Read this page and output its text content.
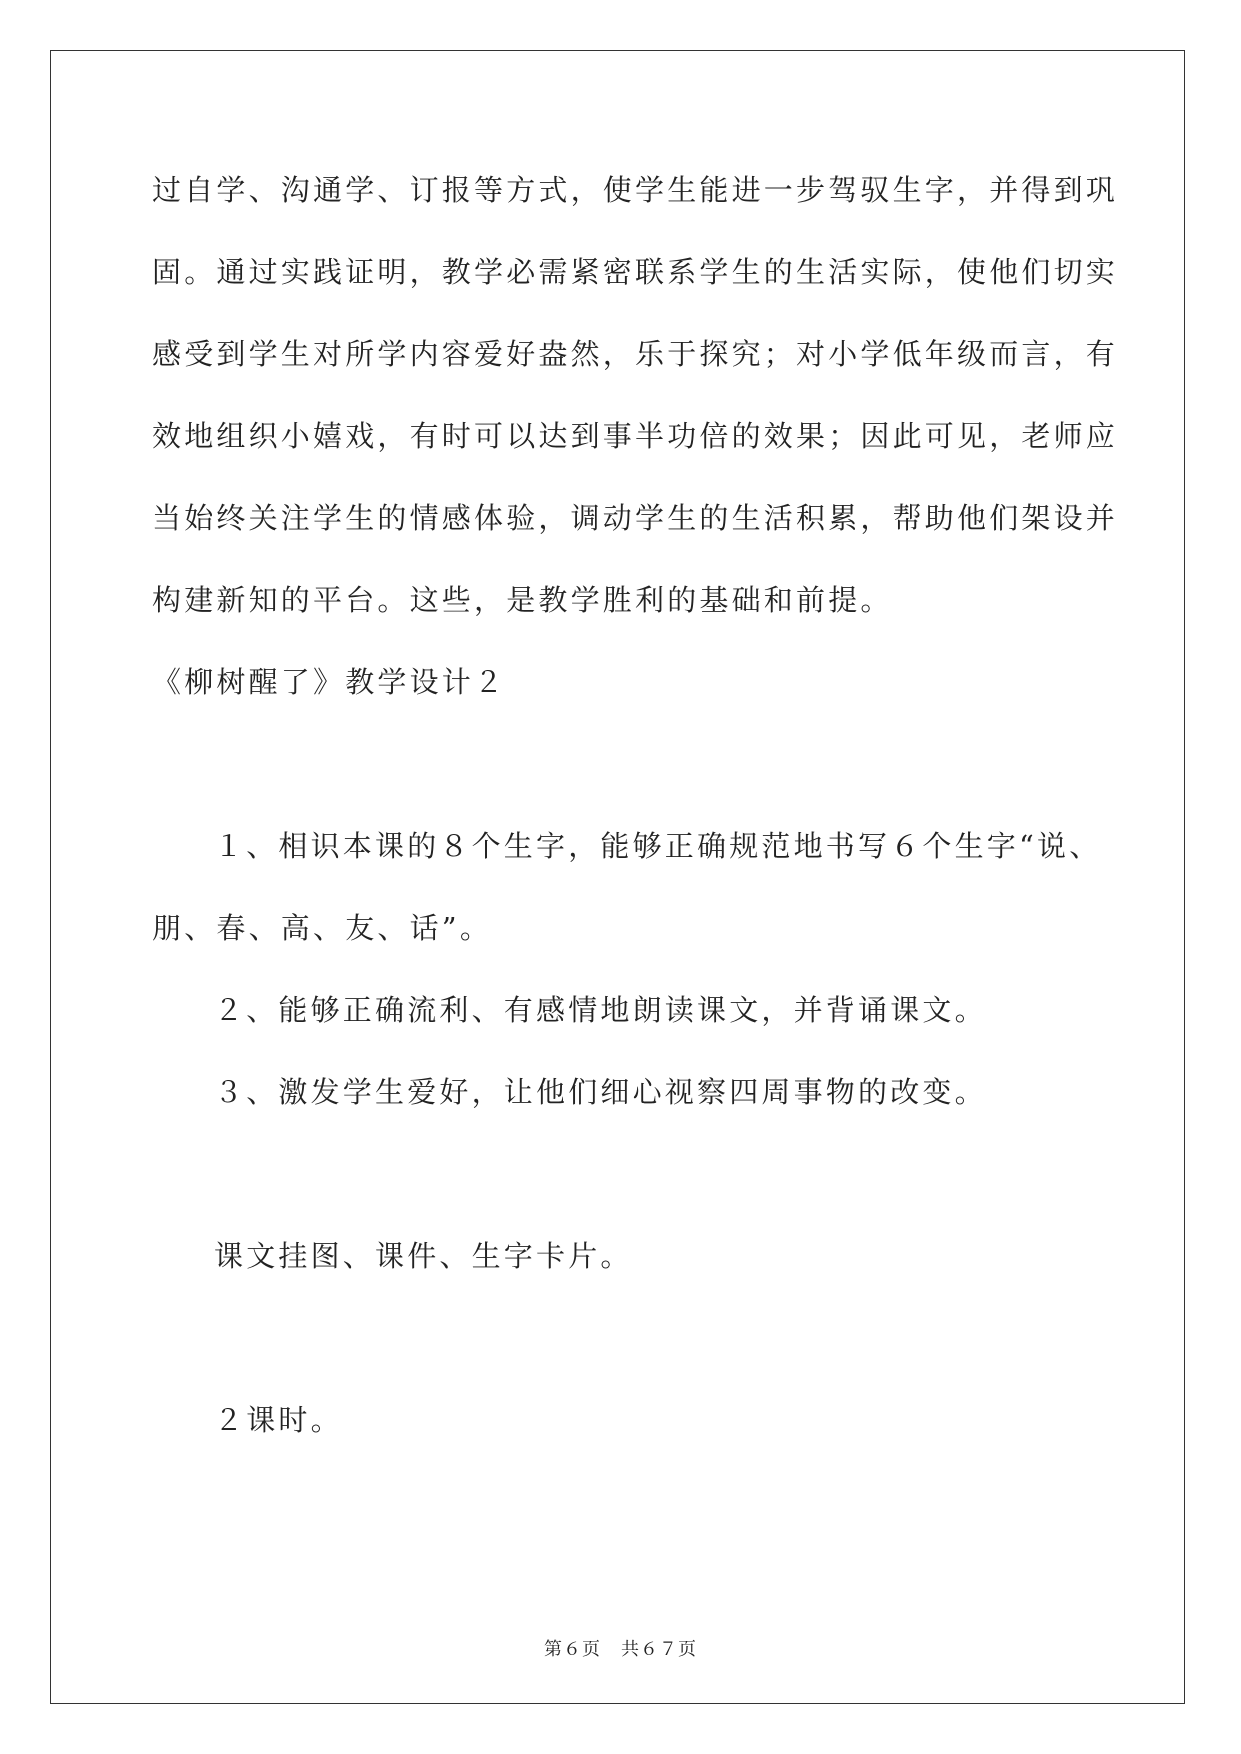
过自学、沟通学、订报等方式，使学生能进一步驾驭生字，并得到巩
固。通过实践证明，教学必需紧密联系学生的生活实际，使他们切实
感受到学生对所学内容爱好盎然，乐于探究；对小学低年级而言，有
效地组织小嬉戏，有时可以达到事半功倍的效果；因此可见，老师应
当始终关注学生的情感体验，调动学生的生活积累，帮助他们架设并
构建新知的平台。这些，是教学胜利的基础和前提。
《柳树醒了》教学设计２
１、相识本课的８个生字，能够正确规范地书写６个生字“说、
朋、春、高、友、话”。
２、能够正确流利、有感情地朗读课文，并背诵课文。
３、激发学生爱好，让他们细心视察四周事物的改变。
课文挂图、课件、生字卡片。
２课时。
第６页 共６７页
